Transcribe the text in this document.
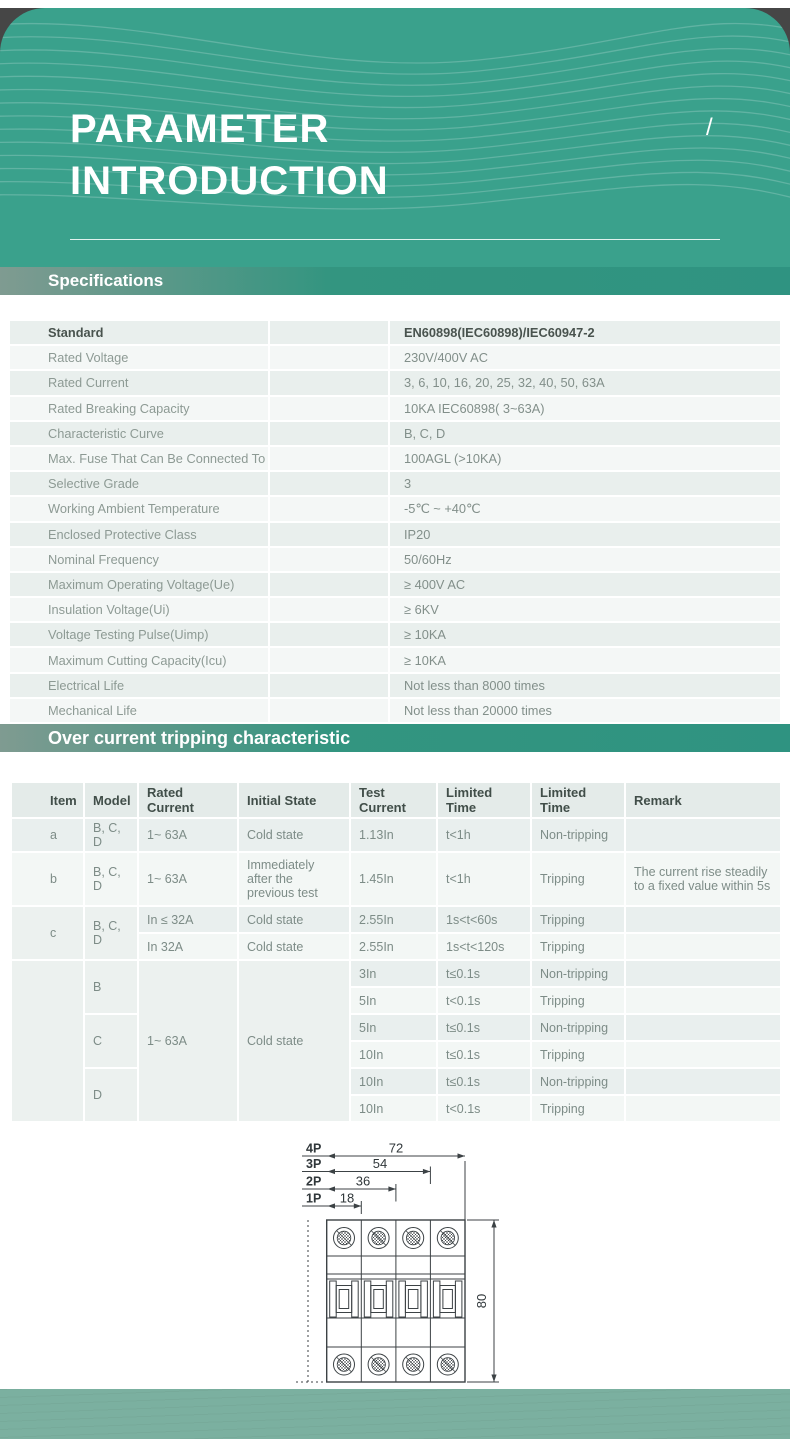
PARAMETER
INTRODUCTION
/
Specifications
Standard	EN60898(IEC60898)/IEC60947-2
Rated Voltage	230V/400V AC
Rated Current	3, 6, 10, 16, 20, 25, 32, 40, 50, 63A
Rated Breaking Capacity	10KA IEC60898( 3~63A)
Characteristic Curve	B, C, D
Max. Fuse That Can Be Connected To	100AGL (>10KA)
Selective Grade	3
Working Ambient Temperature	-5℃ ~ +40℃
Enclosed Protective Class	IP20
Nominal Frequency	50/60Hz
Maximum Operating Voltage(Ue)	≥ 400V AC
Insulation Voltage(Ui)	≥ 6KV
Voltage Testing Pulse(Uimp)	≥ 10KA
Maximum Cutting Capacity(Icu)	≥ 10KA
Electrical Life	Not less than 8000 times
Mechanical Life	Not less than 20000 times
Over current tripping characteristic
Item	Model	Rated Current	Initial State	Test Current	Limited Time	Limited Time	Remark
a	B, C, D	1~ 63A	Cold state	1.13In	t<1h	Non-tripping	
b	B, C, D	1~ 63A	Immediately after the previous test	1.45In	t<1h	Tripping	The current rise steadily to a fixed value within 5s
c	B, C, D	In ≤ 32A	Cold state	2.55In	1s<t<60s	Tripping	
		In 32A	Cold state	2.55In	1s<t<120s	Tripping	
	B	1~ 63A	Cold state	3In	t≤0.1s	Non-tripping	
				5In	t<0.1s	Tripping	
	C			5In	t≤0.1s	Non-tripping	
				10In	t≤0.1s	Tripping	
	D			10In	t≤0.1s	Non-tripping	
				10In	t<0.1s	Tripping	
4P
3P
2P
1P
72
54
36
18
80
